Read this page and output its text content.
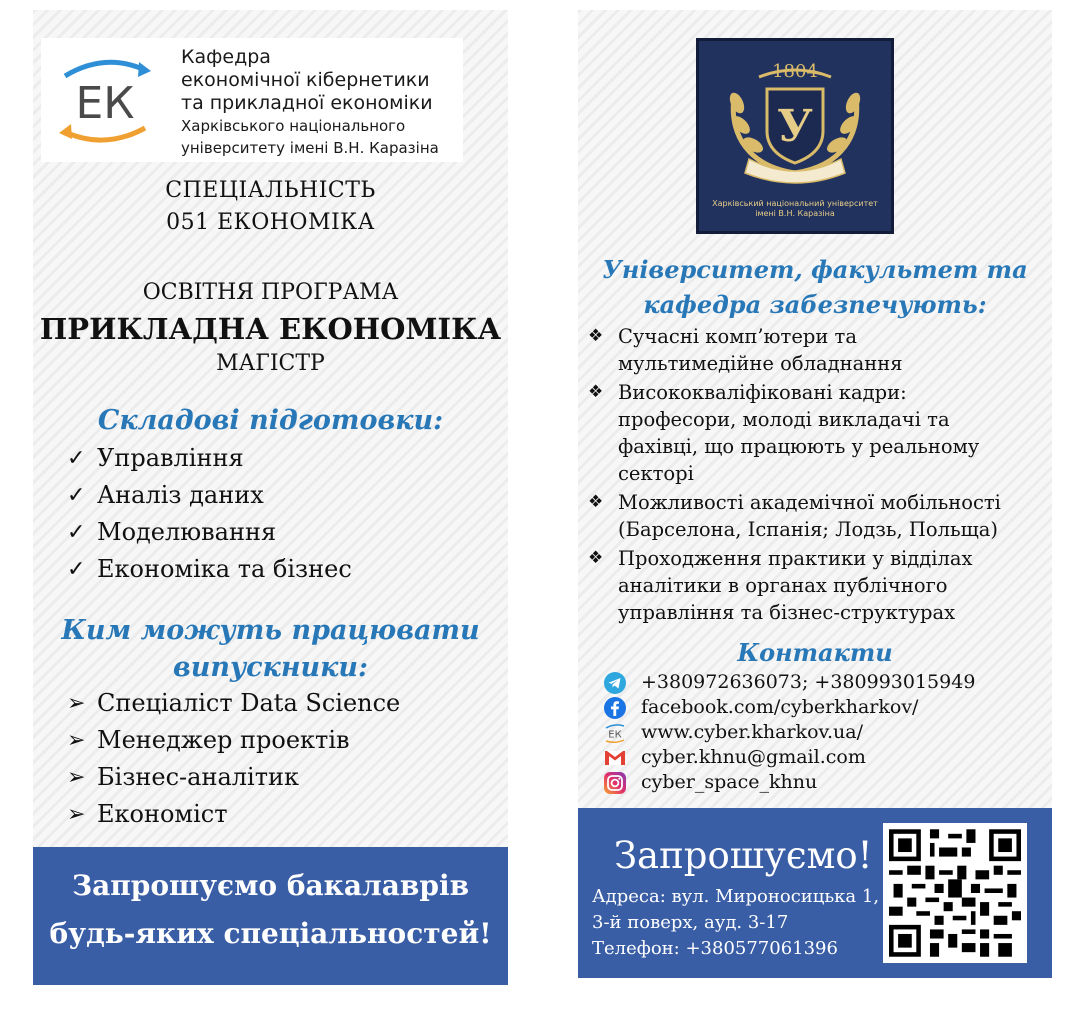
ЕК
Кафедра
економічної кібернетики
та прикладної економіки
Харківського національного
університету імені В.Н. Каразіна
СПЕЦІАЛЬНІСТЬ
051 ЕКОНОМІКА
ОСВІТНЯ ПРОГРАМА
ПРИКЛАДНА ЕКОНОМІКА
МАГІСТР
Складові підготовки:
✓ Управління
✓ Аналіз даних
✓ Моделювання
✓ Економіка та бізнес
Ким можуть працювати
випускники:
➢ Спеціаліст Data Science
➢ Менеджер проектів
➢ Бізнес-аналітик
➢ Економіст
Запрошуємо бакалаврів
будь-яких спеціальностей!
1804
У
Харківський національний університет
імені В.Н. Каразіна
Університет, факультет та
кафедра забезпечують:
❖ Сучасні комп’ютери та
мультимедійне обладнання
❖ Висококваліфіковані кадри:
професори, молоді викладачі та
фахівці, що працюють у реальному
секторі
❖ Можливості академічної мобільності
(Барселона, Іспанія; Лодзь, Польща)
❖ Проходження практики у відділах
аналітики в органах публічного
управління та бізнес-структурах
Контакти
+380972636073; +380993015949
facebook.com/cyberkharkov/
ЕК www.cyber.kharkov.ua/
cyber.khnu@gmail.com
cyber_space_khnu
Запрошуємо!
Адреса: вул. Мироносицька 1,
3-й поверх, ауд. 3-17
Телефон: +380577061396
